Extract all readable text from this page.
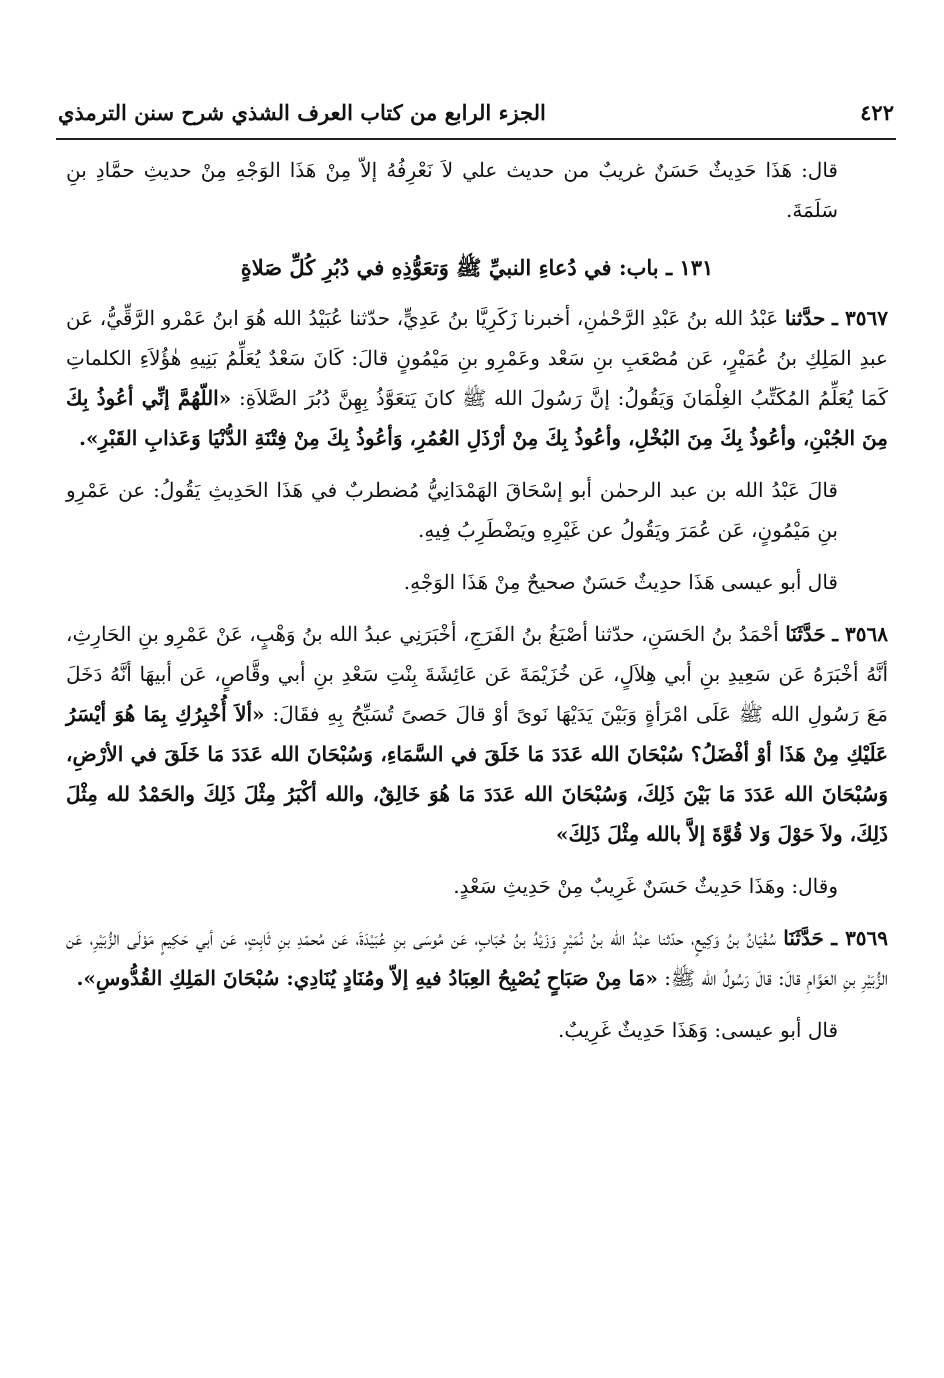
٤٢٢
الجزء الرابع من كتاب العرف الشذي شرح سنن الترمذي

قال: هَذَا حَدِيثٌ حَسَنٌ غريبٌ من حديث علي لاَ نَعْرِفُهُ إلاّ مِنْ هَذَا الوَجْهِ مِنْ حديثِ حمَّادِ بنِ سَلَمَةَ.

١٣١ ـ باب: في دُعاءِ النبيِّ ﷺ وَتعَوُّذِهِ في دُبُرِ كُلِّ صَلاةٍ

٣٥٦٧ ـ حدَّثنا عَبْدُ الله بنُ عَبْدِ الرَّحْمٰنِ، أخبرنا زَكَرِيَّا بنُ عَدِيٍّ، حدّثنا عُبَيْدُ الله هُوَ ابنُ عَمْرو الرَّقِّيُّ، عَن عبدِ المَلِكِ بنُ عُمَيْرٍ، عَن مُصْعَبِ بنِ سَعْد وعَمْرِو بنِ مَيْمُونٍ قالَ: كَانَ سَعْدٌ يُعَلِّمُ بَنِيهِ هٰؤُلاَءِ الكلماتِ كَمَا يُعَلِّمُ المُكَتِّبُ الغِلْمَانَ وَيَقُولُ: إنَّ رَسُولَ الله ﷺ كانَ يَتعَوَّذُ بِهِنَّ دُبُرَ الصَّلاَةِ: «اللّهُمَّ إنِّي أعُوذُ بِكَ مِنَ الجُبْنِ، وأعُوذُ بِكَ مِنَ البُخْلِ، وأعُوذُ بِكَ مِنْ أرْذَلِ العُمُرِ، وَأعُوذُ بِكَ مِنْ فِتْنَةِ الدُّنْيَا وَعَذابِ القَبْرِ».

قالَ عَبْدُ الله بن عبد الرحمٰن أبو إسْحَاقَ الهَمْدَانِيُّ مُضطربٌ في هَذَا الحَدِيثِ يَقُولُ: عن عَمْرِو بنِ مَيْمُونٍ، عَن عُمَرَ ويَقُولُ عن غَيْرِهِ ويَضْطَرِبُ فِيهِ.

قال أبو عيسى هَذَا حدِيثٌ حَسَنٌ صحيحٌ مِنْ هَذَا الوَجْهِ.

٣٥٦٨ ـ حَدَّثَنَا أحْمَدُ بنُ الحَسَنِ، حدّثنا أصْبَغُ بنُ الفَرَجِ، أخْبَرَنِي عبدُ الله بنُ وَهْبٍ، عَنْ عَمْرِو بنِ الحَارِثِ، أنَّهُ أخْبَرَهُ عَن سَعِيدِ بنِ أبي هِلاَلٍ، عَن خُزَيْمَةَ عَن عَائِشَةَ بِنْتِ سَعْدِ بنِ أبي وقَّاصٍ، عَن أبيهَا أنَّهُ دَخَلَ مَعَ رَسُولِ الله ﷺ عَلَى امْرَأةٍ وَبَيْنَ يَدَيْهَا نَوىً أوْ قالَ حَصىً تُسَبِّحُ بِهِ فقَالَ: «ألاَ أُخْبِرُكِ بِمَا هُوَ أيْسَرُ عَلَيْكِ مِنْ هَذَا أوْ أفْضَلُ؟ سُبْحَانَ الله عَدَدَ مَا خَلَقَ في السَّمَاءِ، وَسُبْحَانَ الله عَدَدَ مَا خَلَقَ في الأرْضِ، وَسُبْحَانَ الله عَدَدَ مَا بَيْنَ ذَلِكَ، وَسُبْحَانَ الله عَدَدَ مَا هُوَ خَالِقٌ، والله أكْبَرُ مِثْلَ ذَلِكَ والحَمْدُ لله مِثْلَ ذَلِكَ، ولاَ حَوْلَ وَلا قُوَّةَ إلاَّ بالله مِثْلَ ذَلِكَ»

وقال: وهَذَا حَدِيثٌ حَسَنٌ غَرِيبٌ مِنْ حَدِيثِ سَعْدٍ.

٣٥٦٩ ـ حَدَّثَنَا سُفْيَانُ بنُ وَكِيعٍ، حدّثنا عبْدُ الله بنُ نُمَيْرٍ وَزَيْدُ بنُ حُبَابٍ، عَن مُوسَى بنِ عُبَيْدَةَ، عَن مُحمّدِ بنِ ثَابِتٍ، عَن أبي حَكِيمٍ مَوْلَى الزُّبَيْرِ، عَن الزُّبَيْرِ بنِ العَوَّامِ قالَ: قالَ رَسُولُ الله ﷺ: «مَا مِنْ صَبَاحٍ يُصْبِحُ العِبَادُ فيهِ إلاّ ومُنَادٍ يُنَادِي: سُبْحَانَ المَلِكِ القُدُّوسِ».

قال أبو عيسى: وَهَذَا حَدِيثٌ غَرِيبٌ.
